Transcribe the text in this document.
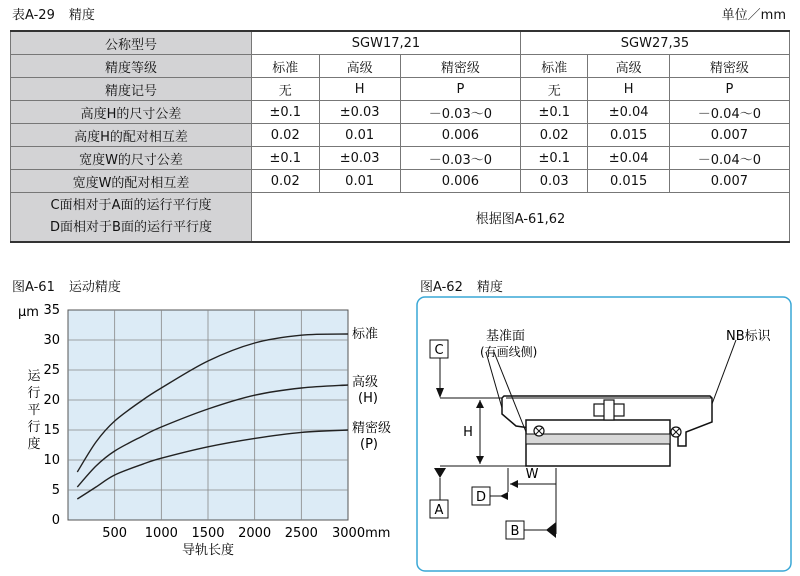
表A-29 精度	单位／mm
公称型号	SGW17,21			SGW27,35		
精度等级	标准	高级	精密级	标准	高级	精密级
精度记号	无	H	P	无	H	P
高度H的尺寸公差	±0.1	±0.03	－0.03～0	±0.1	±0.04	－0.04～0
高度H的配对相互差	0.02	0.01	0.006	0.02	0.015	0.007
宽度W的尺寸公差	±0.1	±0.03	－0.03～0	±0.1	±0.04	－0.04～0
宽度W的配对相互差	0.02	0.01	0.006	0.03	0.015	0.007

C面相对于A面的运行平行度
D面相对于B面的运行平行度	根据图A-61,62					
图A-61 运动精度	图A-62 精度
0
5
10
15
20
25
30
35
500 1000 1500 2000 2500 3000mm
μm
运
行
平
行
度
导轨长度
标准
高级
(H)
精密级
(P)
C
A
D
B
H
W
基准面
(有画线侧)
NB标识
